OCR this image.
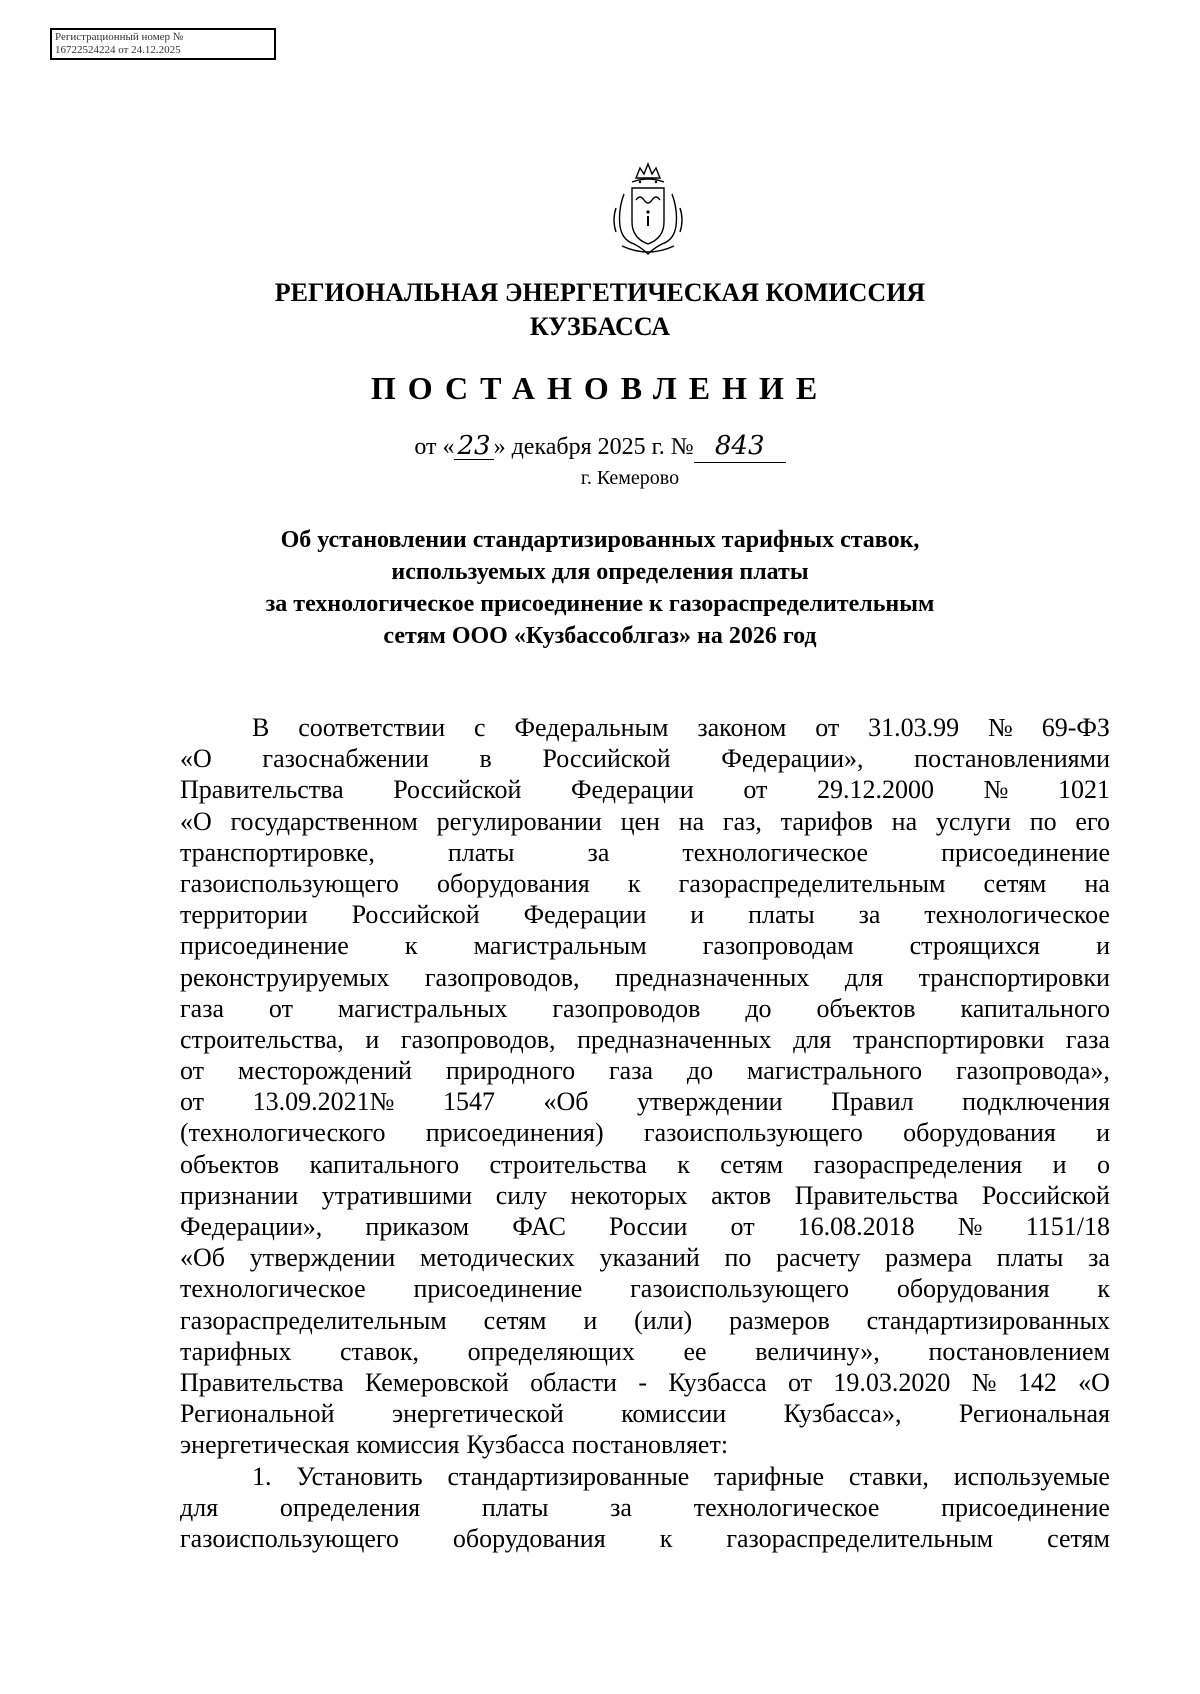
Регистрационный номер №
16722524224 от 24.12.2025
РЕГИОНАЛЬНАЯ ЭНЕРГЕТИЧЕСКАЯ КОМИССИЯ
КУЗБАССА
ПОСТАНОВЛЕНИЕ
от « 23 » декабря 2025 г. № 843
г. Кемерово
Об установлении стандартизированных тарифных ставок,
используемых для определения платы
за технологическое присоединение к газораспределительным
сетям ООО «Кузбассоблгаз» на 2026 год
В соответствии с Федеральным законом от 31.03.99 № 69-ФЗ
«О газоснабжении в Российской Федерации», постановлениями
Правительства Российской Федерации от 29.12.2000 № 1021
«О государственном регулировании цен на газ, тарифов на услуги по его
транспортировке,	платы	за	технологическое	присоединение
газоиспользующего оборудования к газораспределительным сетям на
территории Российской Федерации и платы за технологическое
присоединение к магистральным газопроводам строящихся и
реконструируемых газопроводов, предназначенных для транспортировки
газа от магистральных газопроводов до объектов капитального
строительства, и газопроводов, предназначенных для транспортировки газа
от месторождений природного газа до магистрального газопровода»,
от 13.09.2021№ 1547 «Об утверждении Правил подключения
(технологического присоединения) газоиспользующего оборудования и
объектов капитального строительства к сетям газораспределения и о
признании утратившими силу некоторых актов Правительства Российской
Федерации», приказом ФАС России от 16.08.2018 № 1151/18
«Об утверждении методических указаний по расчету размера платы за
технологическое присоединение газоиспользующего оборудования к
газораспределительным сетям и (или) размеров стандартизированных
тарифных ставок, определяющих ее величину», постановлением
Правительства Кемеровской области - Кузбасса от 19.03.2020 № 142 «О
Региональной энергетической комиссии Кузбасса», Региональная
энергетическая комиссия Кузбасса постановляет:
1. Установить стандартизированные тарифные ставки, используемые
для определения платы за технологическое присоединение
газоиспользующего оборудования к газораспределительным сетям
